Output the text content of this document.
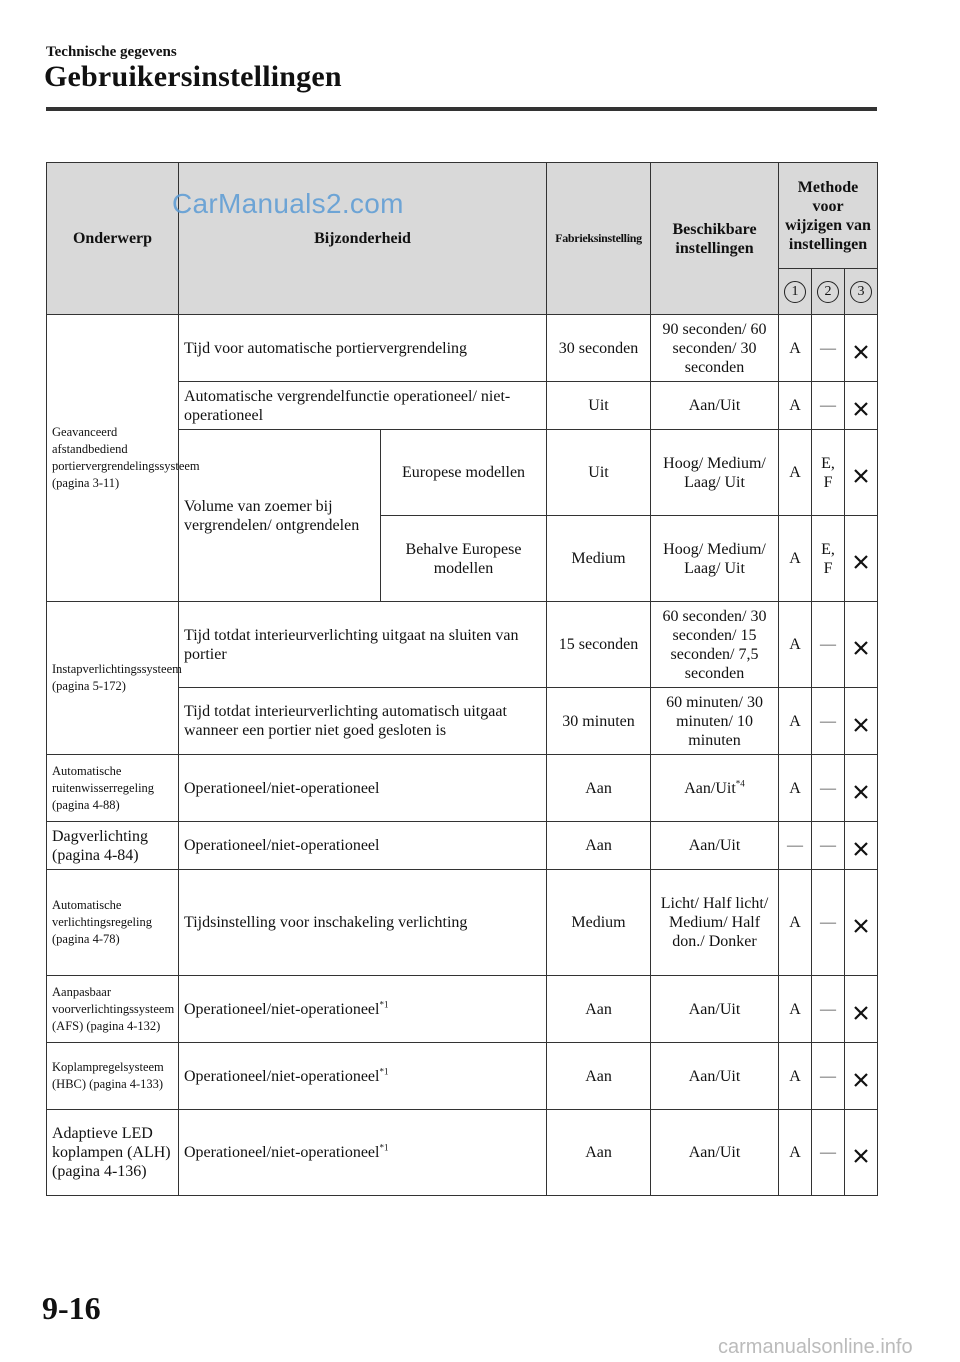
Technische gegevens
Gebruikersinstellingen
Onderwerp	Bijzonderheid		Fabrieksinstelling	Beschikbare instellingen	Methode voor wijzigen van instellingen		
					1	2	3
Geavanceerd afstandbediend portiervergrendelingssysteem (pagina 3-11)	Tijd voor automatische portiervergrendeling		30 seconden	90 seconden/ 60 seconden/ 30 seconden	A	—	
	Automatische vergrendelfunctie operationeel/ niet-operationeel		Uit	Aan/Uit	A	—	
	Volume van zoemer bij vergrendelen/ ontgrendelen	Europese modellen	Uit	Hoog/ Medium/ Laag/ Uit	A	E, F	
		Behalve Europese modellen	Medium	Hoog/ Medium/ Laag/ Uit	A	E, F	
Instapverlichtingssysteem (pagina 5-172)	Tijd totdat interieurverlichting uitgaat na sluiten van portier		15 seconden	60 seconden/ 30 seconden/ 15 seconden/ 7,5 seconden	A	—	
	Tijd totdat interieurverlichting automatisch uitgaat wanneer een portier niet goed gesloten is		30 minuten	60 minuten/ 30 minuten/ 10 minuten	A	—	
Automatische ruitenwisserregeling (pagina 4-88)	Operationeel/niet-operationeel		Aan	Aan/Uit$^{*4}$	A	—	
Dagverlichting (pagina 4-84)	Operationeel/niet-operationeel		Aan	Aan/Uit	—	—	
Automatische verlichtingsregeling (pagina 4-78)	Tijdsinstelling voor inschakeling verlichting		Medium	Licht/ Half licht/ Medium/ Half don./ Donker	A	—	
Aanpasbaar voorverlichtingssysteem (AFS) (pagina 4-132)	Operationeel/niet-operationeel$^{*1}$		Aan	Aan/Uit	A	—	
Koplampregelsysteem (HBC) (pagina 4-133)	Operationeel/niet-operationeel$^{*1}$		Aan	Aan/Uit	A	—	
Adaptieve LED koplampen (ALH) (pagina 4-136)	Operationeel/niet-operationeel$^{*1}$		Aan	Aan/Uit	A	—	
CarManuals2.com
9-16
carmanualsonline.info
